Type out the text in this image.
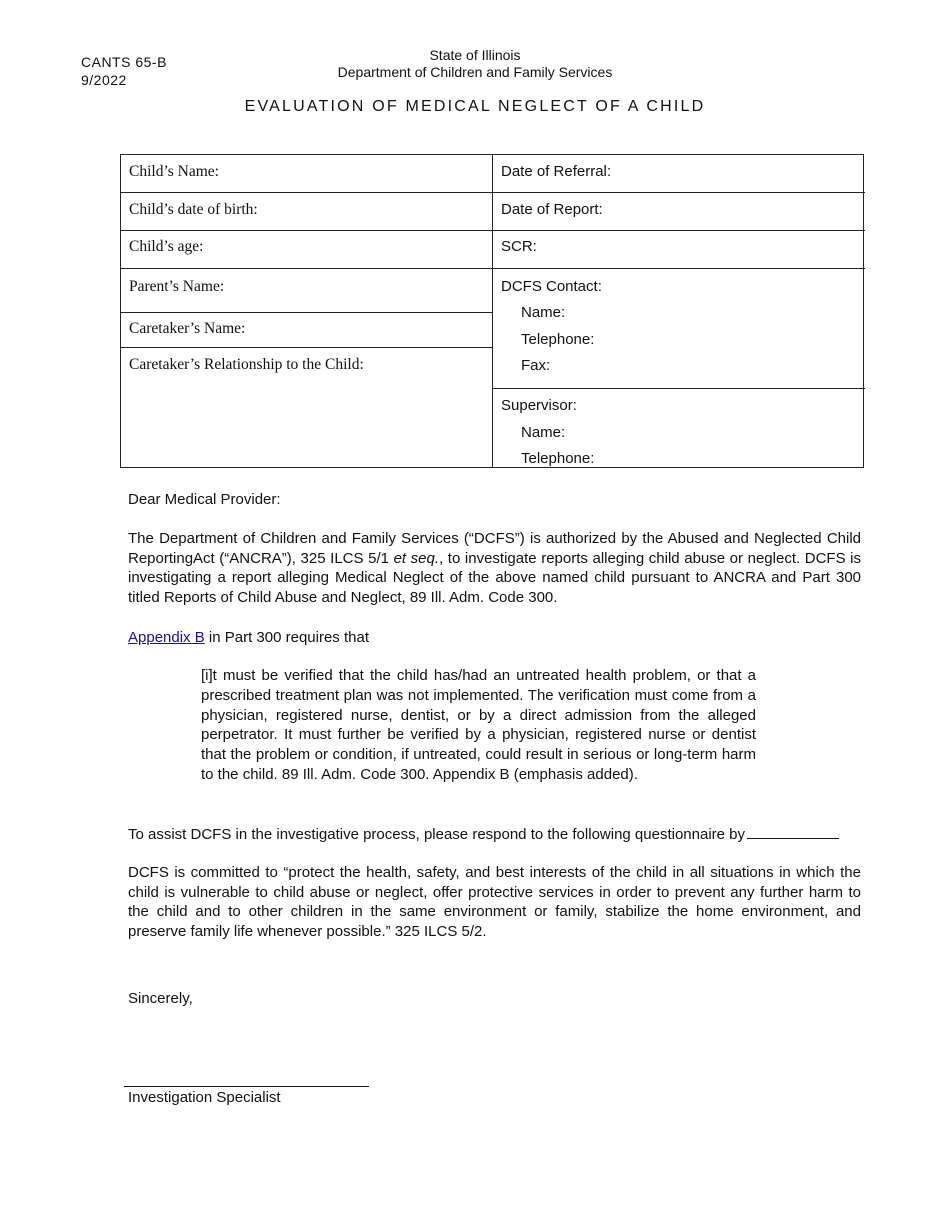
CANTS 65-B
9/2022
State of Illinois
Department of Children and Family Services
EVALUATION OF MEDICAL NEGLECT OF A CHILD
Child’s Name:
Child’s date of birth:
Child’s age:
Parent’s Name:
Caretaker’s Name:
Caretaker’s Relationship to the Child:
Date of Referral:
Date of Report:
SCR:
DCFS Contact:
Name:
Telephone:
Fax:
Supervisor:
Name:
Telephone:
Dear Medical Provider:
The Department of Children and Family Services (“DCFS”) is authorized by the Abused and Neglected Child ReportingAct (“ANCRA”), 325 ILCS 5/1 et seq., to investigate reports alleging child abuse or neglect. DCFS is investigating a report alleging Medical Neglect of the above named child pursuant to ANCRA and Part 300 titled Reports of Child Abuse and Neglect, 89 Ill. Adm. Code 300.
Appendix B in Part 300 requires that
[i]t must be verified that the child has/had an untreated health problem, or that a prescribed treatment plan was not implemented. The verification must come from a physician, registered nurse, dentist, or by a direct admission from the alleged perpetrator. It must further be verified by a physician, registered nurse or dentist that the problem or condition, if untreated, could result in serious or long-term harm to the child. 89 Ill. Adm. Code 300. Appendix B (emphasis added).
To assist DCFS in the investigative process, please respond to the following questionnaire by
DCFS is committed to “protect the health, safety, and best interests of the child in all situations in which the child is vulnerable to child abuse or neglect, offer protective services in order to prevent any further harm to the child and to other children in the same environment or family, stabilize the home environment, and preserve family life whenever possible.” 325 ILCS 5/2.
Sincerely,
Investigation Specialist
